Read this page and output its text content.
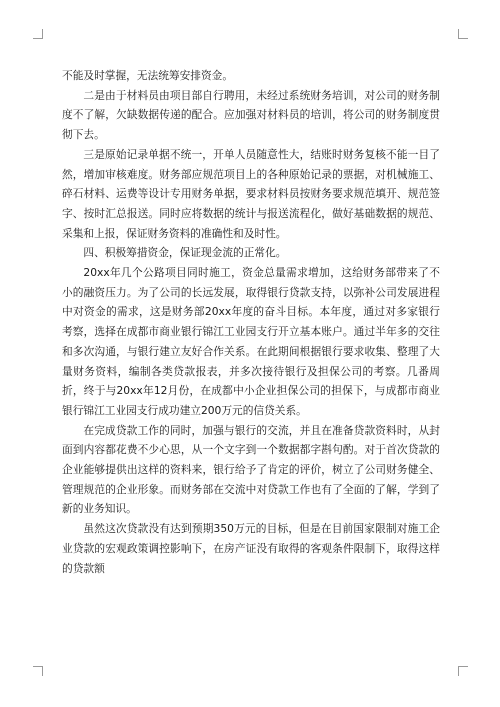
不能及时掌握，无法统筹安排资金。

二是由于材料员由项目部自行聘用，未经过系统财务培训，对公司的财务制度不了解，欠缺数据传递的配合。应加强对材料员的培训，将公司的财务制度贯彻下去。

三是原始记录单据不统一，开单人员随意性大，结账时财务复核不能一目了然，增加审核难度。财务部应规范项目上的各种原始记录的票据，对机械施工、碎石材料、运费等设计专用财务单据，要求材料员按财务要求规范填开、规范签字、按时汇总报送。同时应将数据的统计与报送流程化，做好基础数据的规范、采集和上报，保证财务资料的准确性和及时性。

四、积极筹措资金，保证现金流的正常化。

20xx年几个公路项目同时施工，资金总量需求增加，这给财务部带来了不小的融资压力。为了公司的长远发展，取得银行贷款支持，以弥补公司发展进程中对资金的需求，这是财务部20xx年度的奋斗目标。本年度，通过对多家银行考察，选择在成都市商业银行锦江工业园支行开立基本账户。通过半年多的交往和多次沟通，与银行建立友好合作关系。在此期间根据银行要求收集、整理了大量财务资料，编制各类贷款报表，并多次接待银行及担保公司的考察。几番周折，终于与20xx年12月份，在成都中小企业担保公司的担保下，与成都市商业银行锦江工业园支行成功建立200万元的信贷关系。

在完成贷款工作的同时，加强与银行的交流，并且在准备贷款资料时，从封面到内容都花费不少心思，从一个文字到一个数据都字斟句酌。对于首次贷款的企业能够提供出这样的资料来，银行给予了肯定的评价，树立了公司财务健全、管理规范的企业形象。而财务部在交流中对贷款工作也有了全面的了解，学到了新的业务知识。

虽然这次贷款没有达到预期350万元的目标，但是在目前国家限制对施工企业贷款的宏观政策调控影响下，在房产证没有取得的客观条件限制下，取得这样的贷款额
